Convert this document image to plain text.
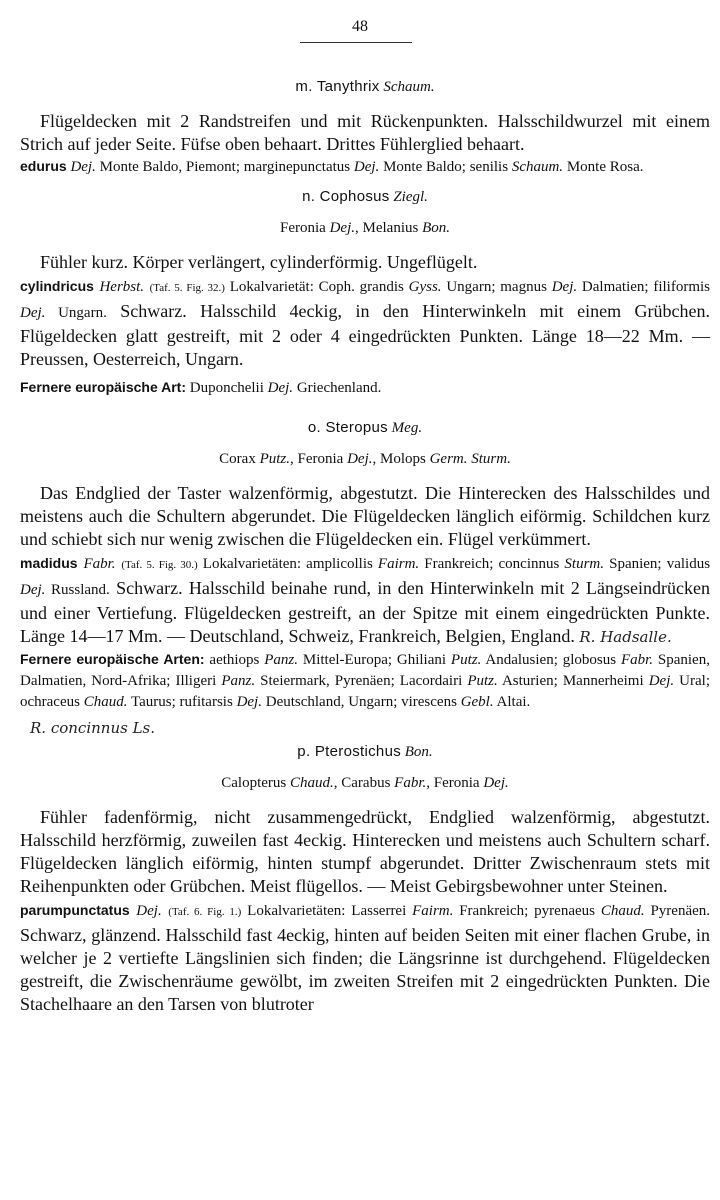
48
m. Tanythrix Schaum.

Flügeldecken mit 2 Randstreifen und mit Rückenpunkten. Halsschildwurzel mit einem Strich auf jeder Seite. Füfse oben behaart. Drittes Fühlerglied behaart.

edurus Dej. Monte Baldo, Piemont; marginepunctatus Dej. Monte Baldo; senilis Schaum. Monte Rosa.

n. Cophosus Ziegl.
Feronia Dej., Melanius Bon.

Fühler kurz. Körper verlängert, cylinderförmig. Ungeflügelt.

cylindricus Herbst. (Taf. 5. Fig. 32.) Lokalvarietät: Coph. grandis Gyss. Ungarn; magnus Dej. Dalmatien; filiformis Dej. Ungarn. Schwarz. Halsschild 4eckig, in den Hinterwinkeln mit einem Grübchen. Flügeldecken glatt gestreift, mit 2 oder 4 eingedrückten Punkten. Länge 18—22 Mm. — Preussen, Oesterreich, Ungarn.

Fernere europäische Art: Duponchelii Dej. Griechenland.

o. Steropus Meg.
Corax Putz., Feronia Dej., Molops Germ. Sturm.

Das Endglied der Taster walzenförmig, abgestutzt. Die Hinterecken des Halsschildes und meistens auch die Schultern abgerundet. Die Flügeldecken länglich eiförmig. Schildchen kurz und schiebt sich nur wenig zwischen die Flügeldecken ein. Flügel verkümmert.

madidus Fabr. (Taf. 5. Fig. 30.) Lokalvarietäten: amplicollis Fairm. Frankreich; concinnus Sturm. Spanien; validus Dej. Russland. Schwarz. Halsschild beinahe rund, in den Hinterwinkeln mit 2 Längseindrücken und einer Vertiefung. Flügeldecken gestreift, an der Spitze mit einem eingedrückten Punkte. Länge 14—17 Mm. — Deutschland, Schweiz, Frankreich, Belgien, England. R. Hadsalle.

Fernere europäische Arten: aethiops Panz. Mittel-Europa; Ghiliani Putz. Andalusien; globosus Fabr. Spanien, Dalmatien, Nord-Afrika; Illigeri Panz. Steiermark, Pyrenäen; Lacordairi Putz. Asturien; Mannerheimi Dej. Ural; ochraceus Chaud. Taurus; rufitarsis Dej. Deutschland, Ungarn; virescens Gebl. Altai.

R. concinnus Ls.
p. Pterostichus Bon.
Calopterus Chaud., Carabus Fabr., Feronia Dej.

Fühler fadenförmig, nicht zusammengedrückt, Endglied walzenförmig, abgestutzt. Halsschild herzförmig, zuweilen fast 4eckig. Hinterecken und meistens auch Schultern scharf. Flügeldecken länglich eiförmig, hinten stumpf abgerundet. Dritter Zwischenraum stets mit Reihenpunkten oder Grübchen. Meist flügellos. — Meist Gebirgsbewohner unter Steinen.

parumpunctatus Dej. (Taf. 6. Fig. 1.) Lokalvarietäten: Lasserrei Fairm. Frankreich; pyrenaeus Chaud. Pyrenäen. Schwarz, glänzend. Halsschild fast 4eckig, hinten auf beiden Seiten mit einer flachen Grube, in welcher je 2 vertiefte Längslinien sich finden; die Längsrinne ist durchgehend. Flügeldecken gestreift, die Zwischenräume gewölbt, im zweiten Streifen mit 2 eingedrückten Punkten. Die Stachelhaare an den Tarsen von blutroter
